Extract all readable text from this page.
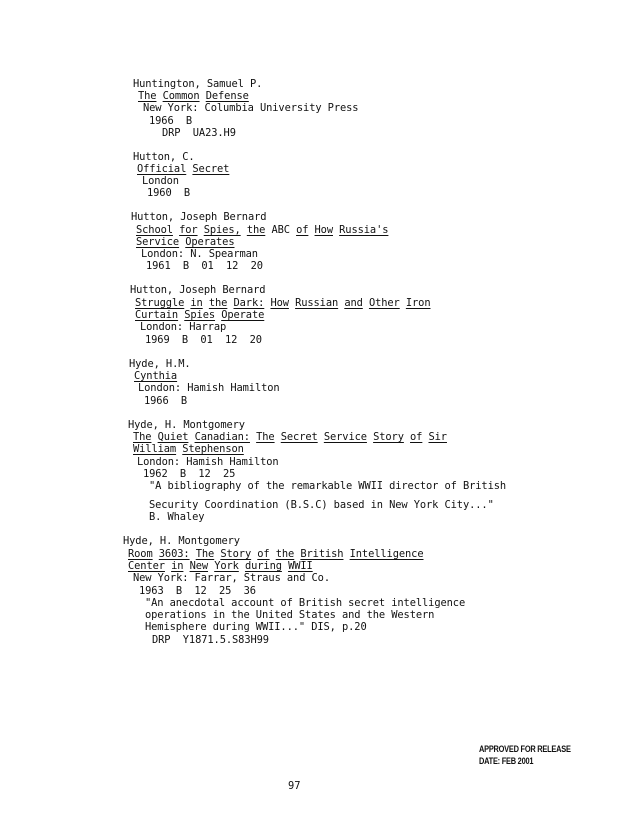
Huntington, Samuel P.
The Common Defense
New York: Columbia University Press
1966  B
DRP  UA23.H9
Hutton, C.
Official Secret
London
1960  B
Hutton, Joseph Bernard
School for Spies, the ABC of How Russia's
Service Operates
London: N. Spearman
1961  B  01  12  20
Hutton, Joseph Bernard
Struggle in the Dark: How Russian and Other Iron
Curtain Spies Operate
London: Harrap
1969  B  01  12  20
Hyde, H.M.
Cynthia
London: Hamish Hamilton
1966  B
Hyde, H. Montgomery
The Quiet Canadian: The Secret Service Story of Sir
William Stephenson
London: Hamish Hamilton
1962  B  12  25
"A bibliography of the remarkable WWII director of British
Security Coordination (B.S.C) based in New York City..."
B. Whaley
Hyde, H. Montgomery
Room 3603: The Story of the British Intelligence
Center in New York during WWII
New York: Farrar, Straus and Co.
1963  B  12  25  36
"An anecdotal account of British secret intelligence
operations in the United States and the Western
Hemisphere during WWII..." DIS, p.20
DRP  Y1871.5.S83H99
APPROVED FOR RELEASE
DATE: FEB 2001
97
